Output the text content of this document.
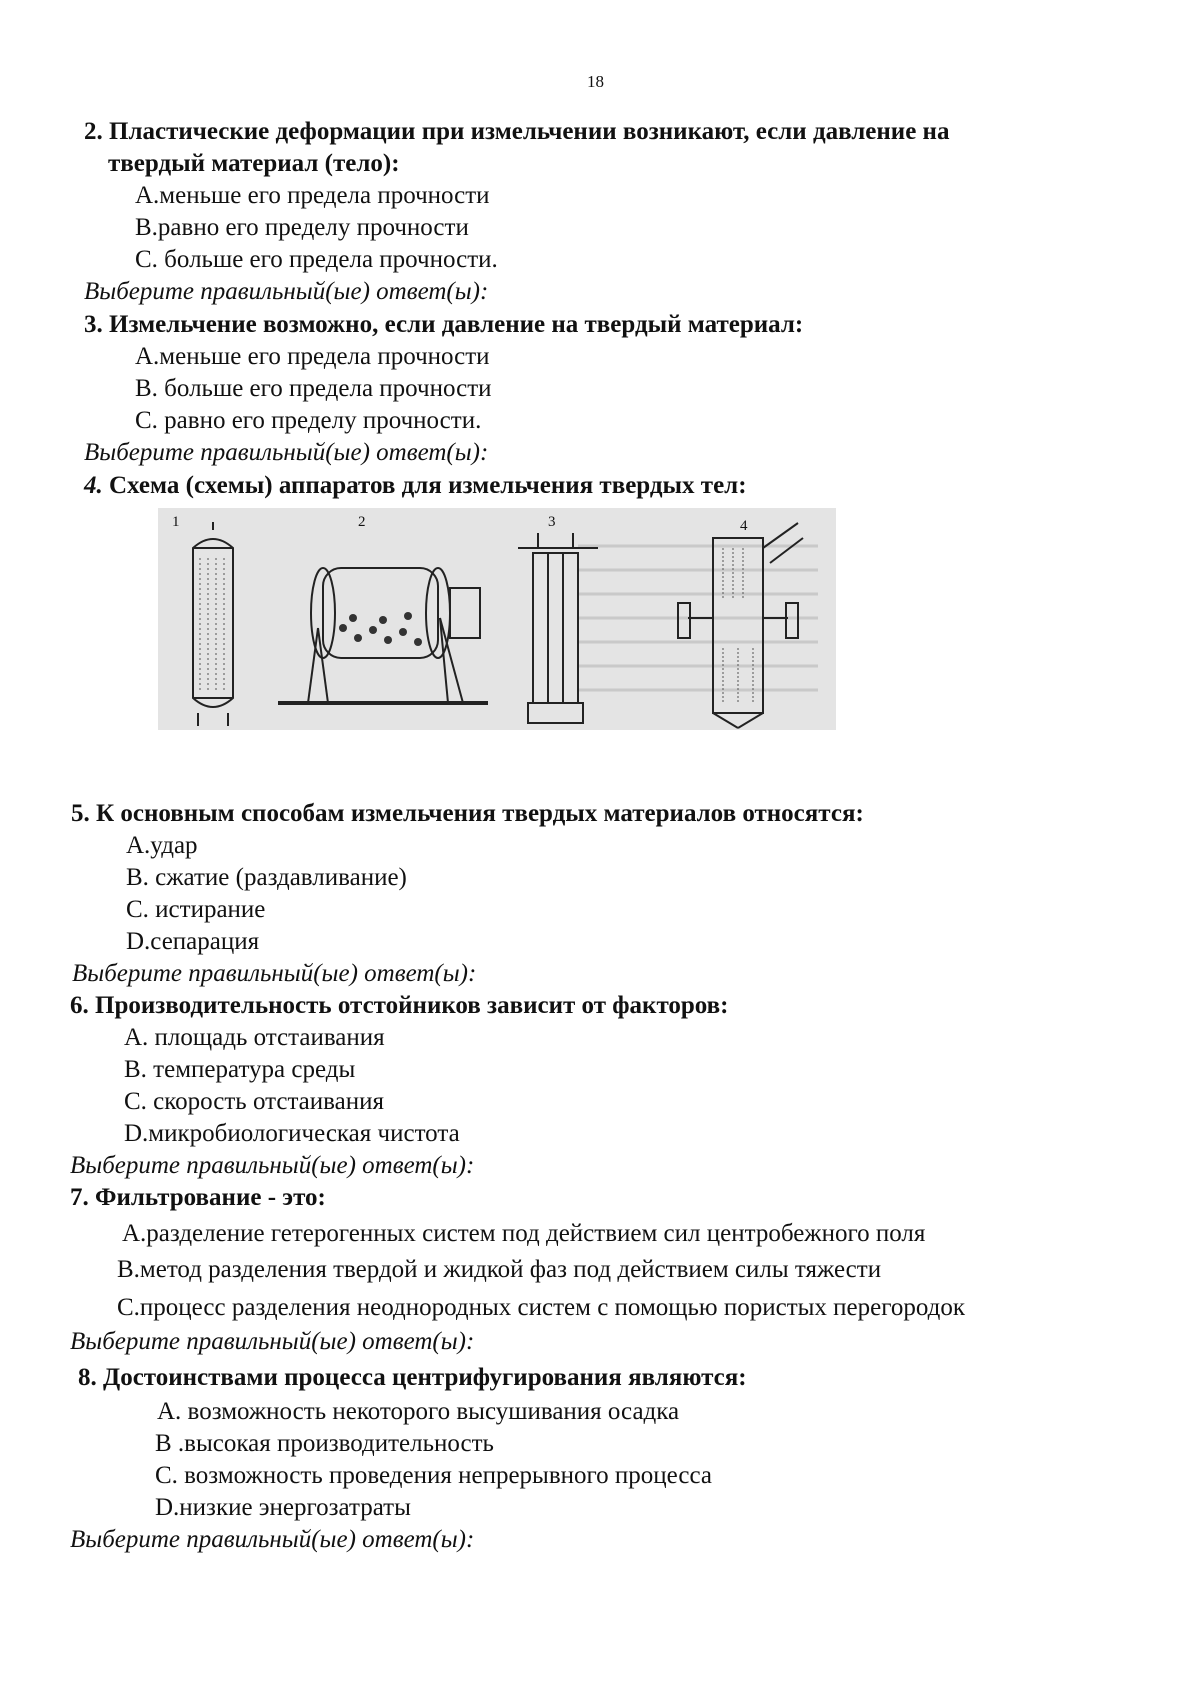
18
2. Пластические деформации при измельчении возникают, если давление на
твердый материал (тело):
А.меньше его предела прочности
В.равно его пределу прочности
С. больше его предела прочности.
Выберите правильный(ые) ответ(ы):
3. Измельчение возможно, если давление на твердый материал:
А.меньше его предела прочности
В. больше его предела прочности
С. равно его пределу прочности.
Выберите правильный(ые) ответ(ы):
4. Схема (схемы) аппаратов для измельчения твердых тел:
1	2	3	4
5. К основным способам измельчения твердых материалов относятся:
А.удар
В. сжатие (раздавливание)
С. истирание
D.сепарация
Выберите правильный(ые) ответ(ы):
6. Производительность отстойников зависит от факторов:
А. площадь отстаивания
В. температура среды
С. скорость отстаивания
D.микробиологическая чистота
Выберите правильный(ые) ответ(ы):
7. Фильтрование - это:
А.разделение гетерогенных систем под действием сил центробежного поля
В.метод разделения твердой и жидкой фаз под действием силы тяжести
С.процесс разделения неоднородных систем с помощью пористых перегородок
Выберите правильный(ые) ответ(ы):
8. Достоинствами процесса центрифугирования являются:
А. возможность некоторого высушивания осадка
В .высокая производительность
С. возможность проведения непрерывного процесса
D.низкие энергозатраты
Выберите правильный(ые) ответ(ы):
